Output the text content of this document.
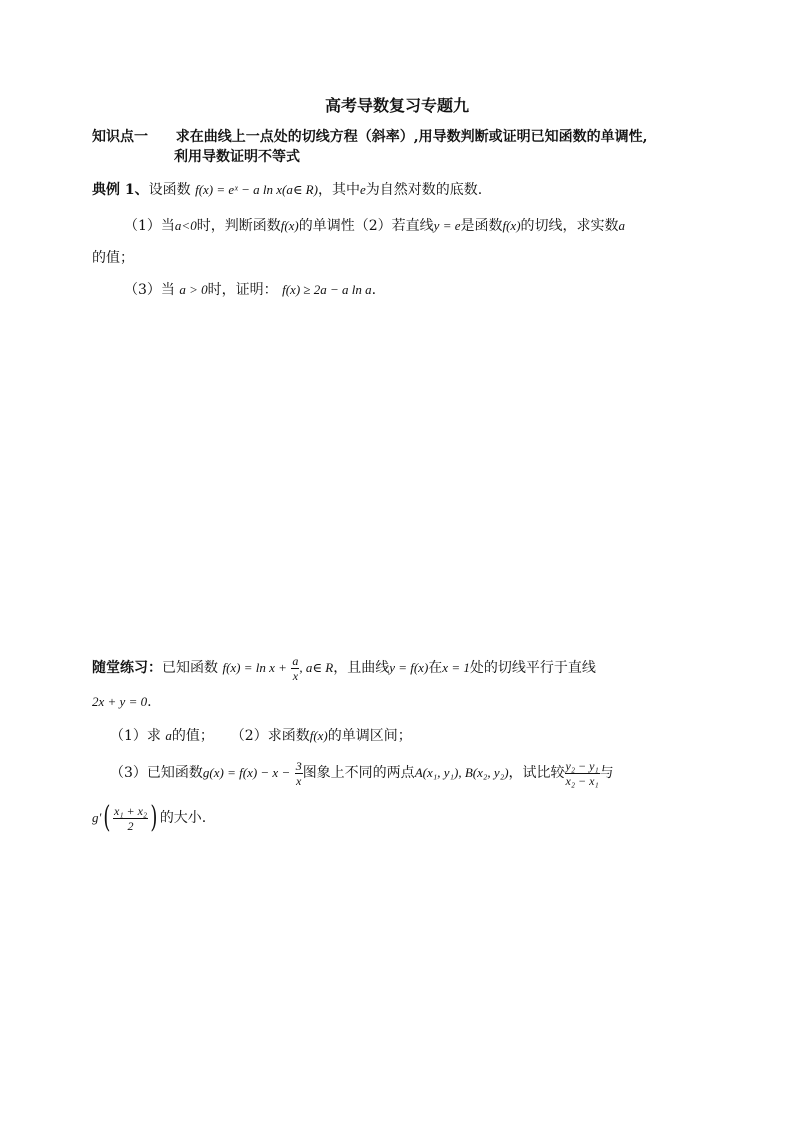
高考导数复习专题九
知识点一 求在曲线上一点处的切线方程（斜率）,用导数判断或证明已知函数的单调性,
利用导数证明不等式
典例 1、设函数 f(x) = eˣ − a ln x(a∈ R)，其中e为自然对数的底数.
（1）当a<0时，判断函数f(x)的单调性（2）若直线y = e是函数f(x)的切线，求实数a
的值；
（3）当 a > 0时，证明： f(x) ≥ 2a − a ln a.
随堂练习：已知函数 $f(x) = \ln x + \frac{a}{x}$ , a∈ R，且曲线y = f(x)在x = 1处的切线平行于直线
2x + y = 0.
（1）求 a的值； （2）求函数f(x)的单调区间；
（3）已知函数$g(x) = f(x) - x - \frac{3}{x}$ 图象上不同的两点A(x₁, y₁), B(x₂, y₂)，试比较 $\frac{\text{y₂ − y₁}}{\text{x₂ − x₁}}$ 与
$g'( \frac{\text{x₁ + x₂}}{2}$ ) 的大小.
